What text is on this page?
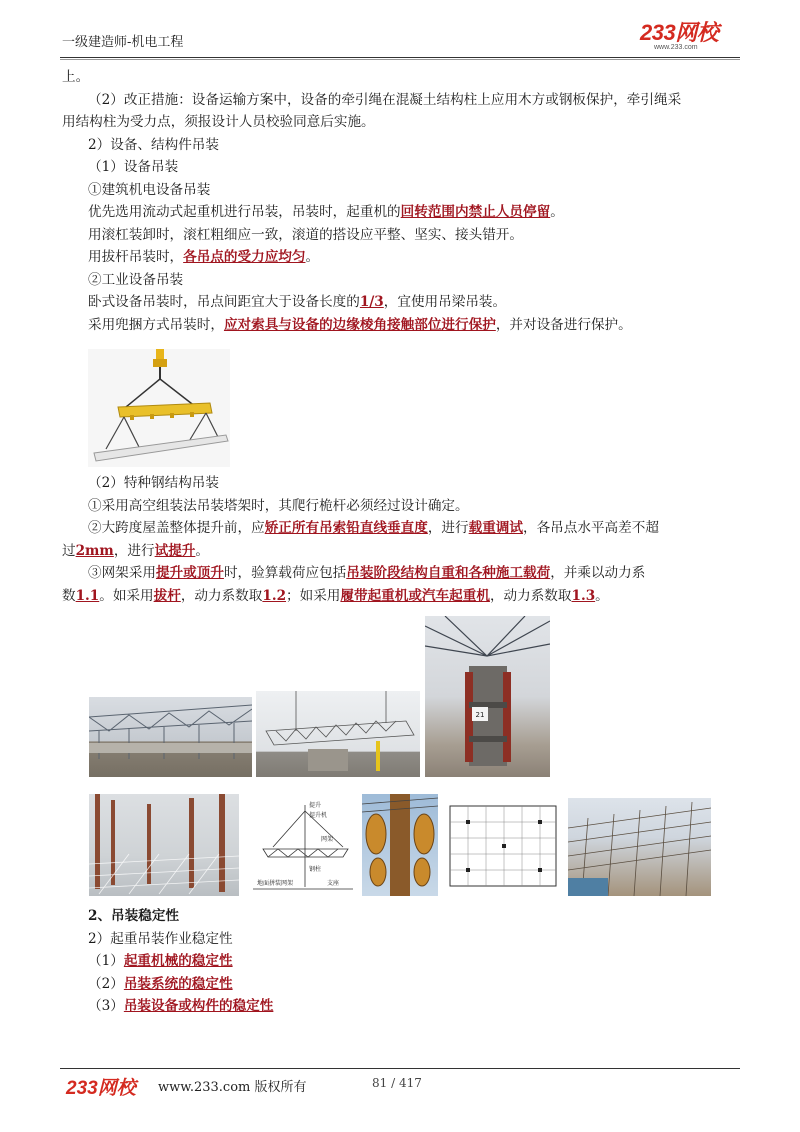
一级建造师-机电工程	233网校
www.233.com

上。

（2）改正措施：设备运输方案中，设备的牵引绳在混凝土结构柱上应用木方或钢板保护，牵引绳采

用结构柱为受力点，须报设计人员校验同意后实施。

2）设备、结构件吊装

（1）设备吊装

①建筑机电设备吊装

优先选用流动式起重机进行吊装，吊装时，起重机的回转范围内禁止人员停留。

用滚杠装卸时，滚杠粗细应一致，滚道的搭设应平整、坚实、接头错开。

用拔杆吊装时，各吊点的受力应均匀。

②工业设备吊装

卧式设备吊装时，吊点间距宜大于设备长度的1/3，宜使用吊梁吊装。

采用兜捆方式吊装时，应对索具与设备的边缘棱角接触部位进行保护，并对设备进行保护。

（2）特种钢结构吊装

①采用高空组装法吊装塔架时，其爬行桅杆必须经过设计确定。

②大跨度屋盖整体提升前，应矫正所有吊索铅直线垂直度，进行载重调试，各吊点水平高差不超

过2mm，进行试提升。

③网架采用提升或顶升时，验算载荷应包括吊装阶段结构自重和各种施工载荷，并乘以动力系

数1.1。如采用拔杆，动力系数取1.2；如采用履带起重机或汽车起重机，动力系数取1.3。

21
提升
提升机
网架
钢柱
地面拼装网架	支座

2、吊装稳定性

2）起重吊装作业稳定性

（1）起重机械的稳定性

（2）吊装系统的稳定性

（3）吊装设备或构件的稳定性

233网校 www.233.com 版权所有	81 / 417
